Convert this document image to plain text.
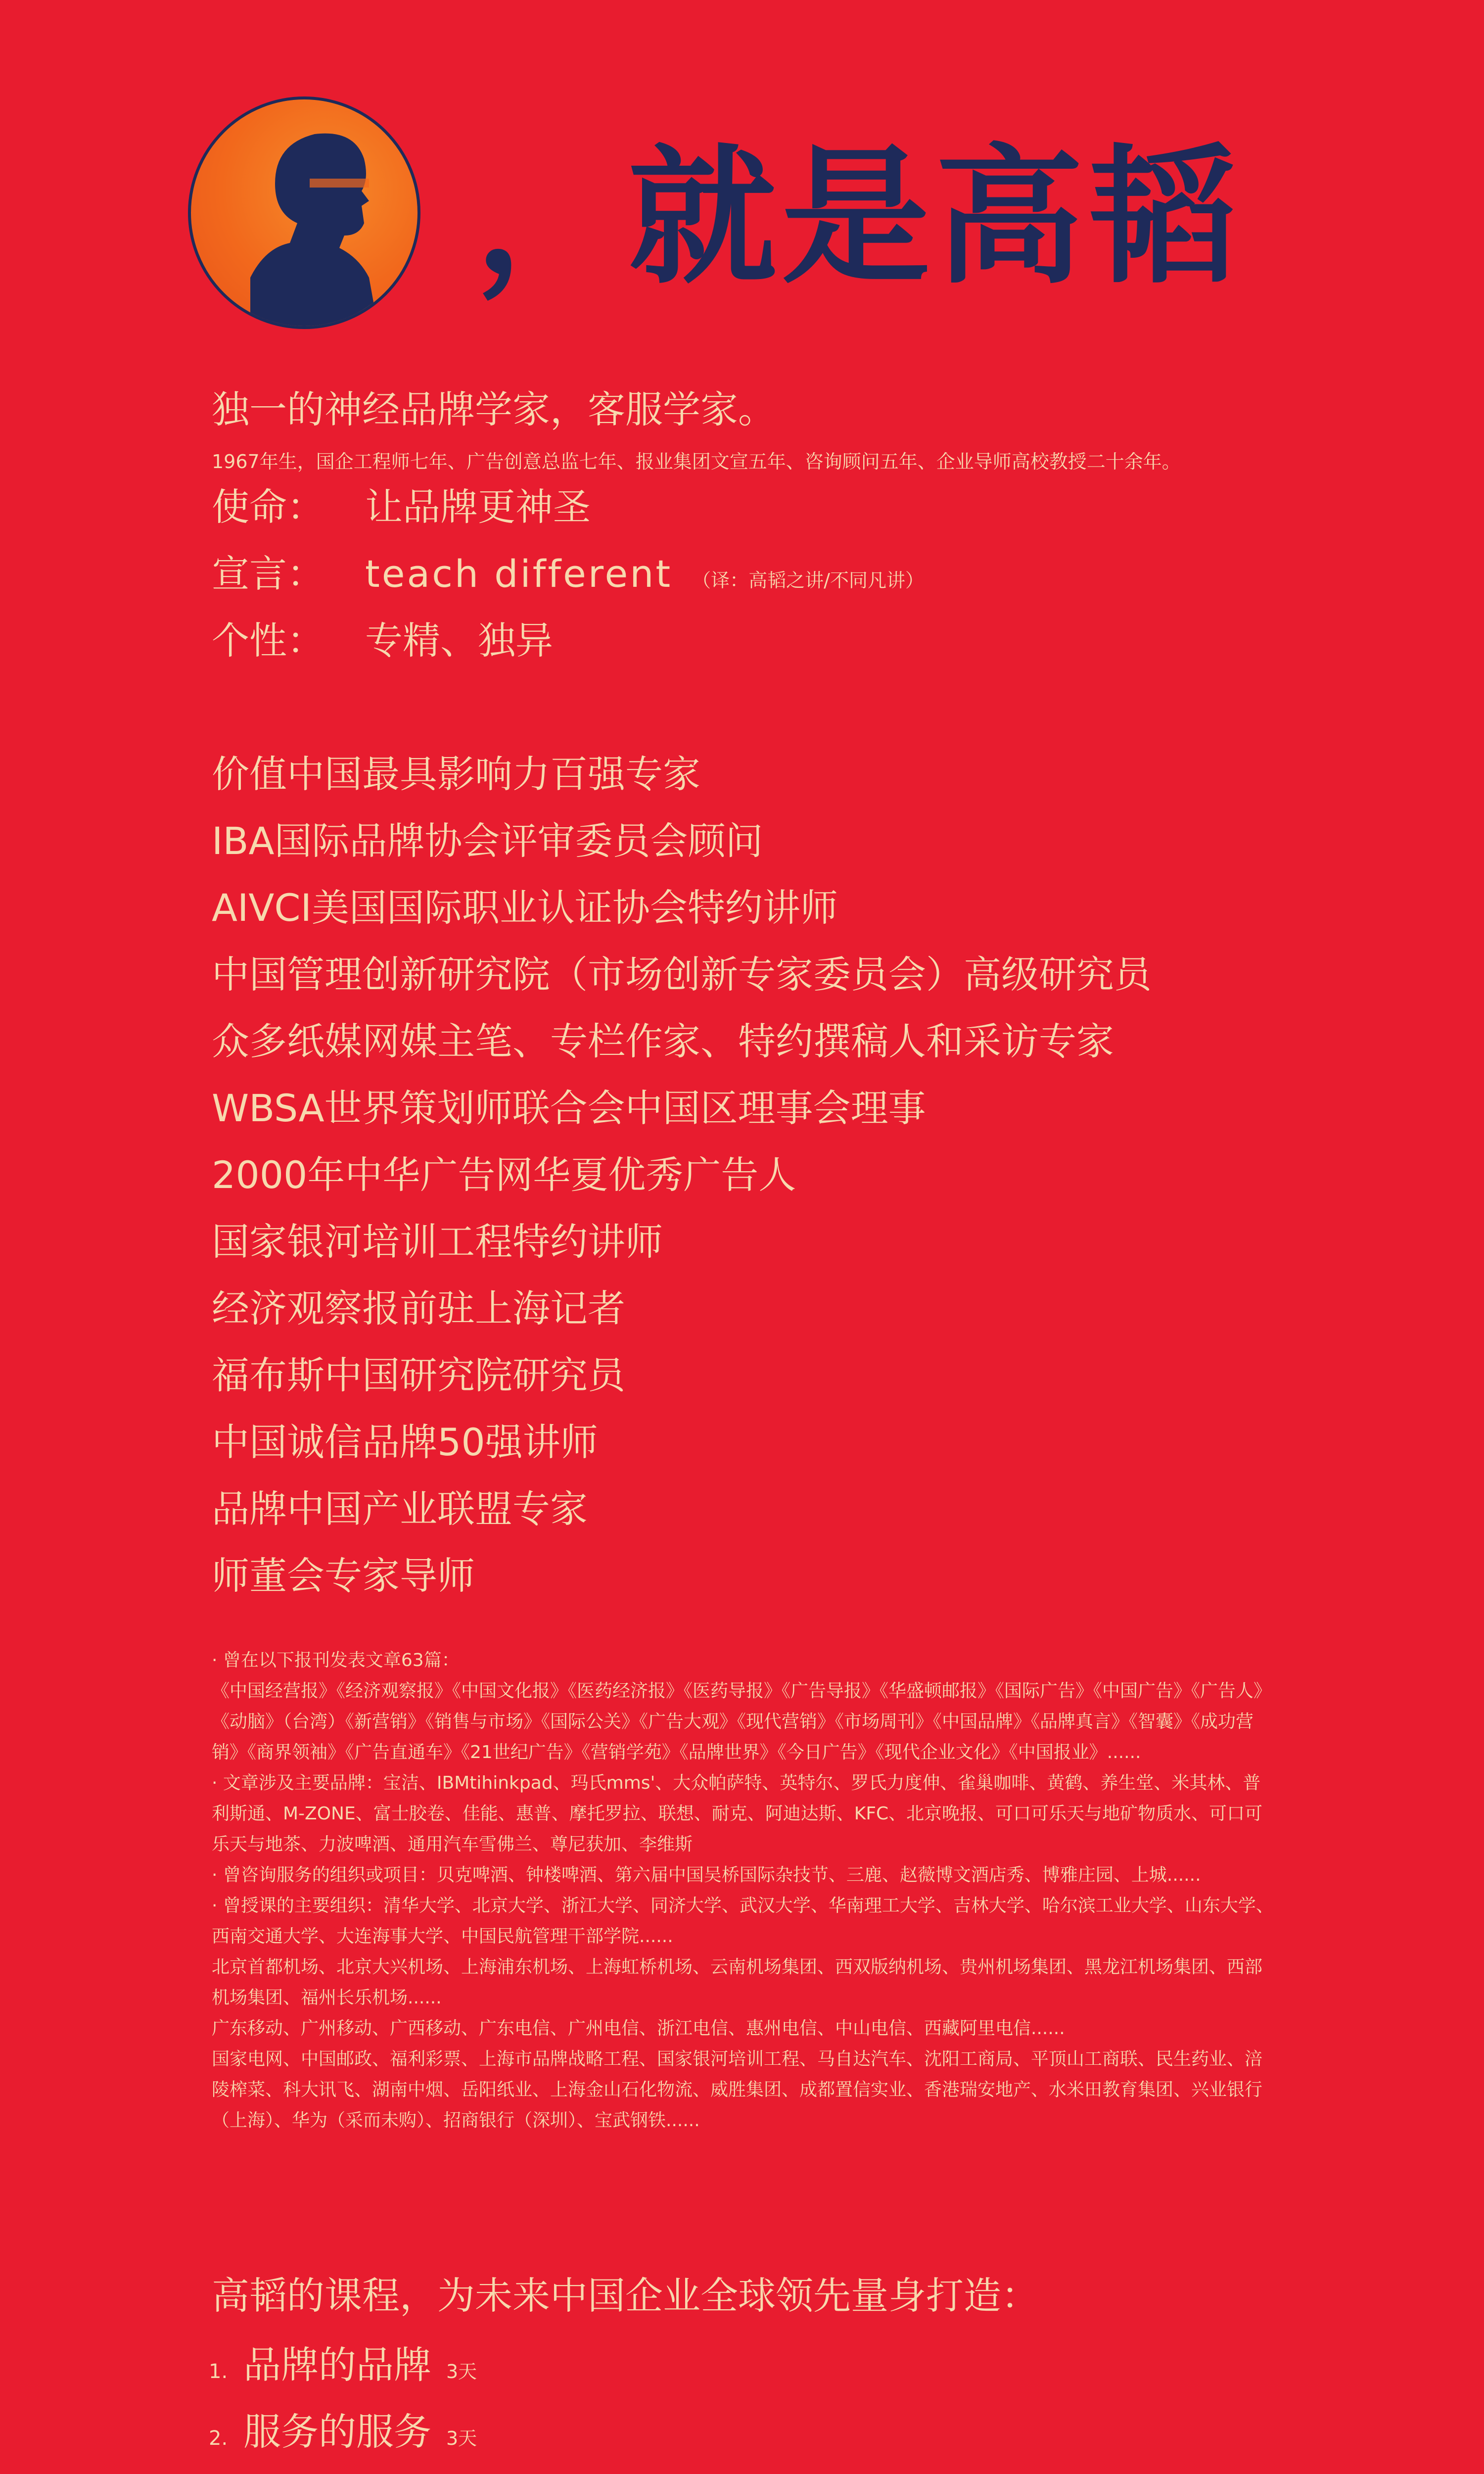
，就是高韬
独一的神经品牌学家，客服学家。
1967年生，国企工程师七年、广告创意总监七年、报业集团文宣五年、咨询顾问五年、企业导师高校教授二十余年。
使命： 让品牌更神圣
宣言： teach different （译：高韬之讲/不同凡讲）
个性： 专精、独异
价值中国最具影响力百强专家
IBA国际品牌协会评审委员会顾问
AIVCI美国国际职业认证协会特约讲师
中国管理创新研究院（市场创新专家委员会）高级研究员
众多纸媒网媒主笔、专栏作家、特约撰稿人和采访专家
WBSA世界策划师联合会中国区理事会理事
2000年中华广告网华夏优秀广告人
国家银河培训工程特约讲师
经济观察报前驻上海记者
福布斯中国研究院研究员
中国诚信品牌50强讲师
品牌中国产业联盟专家
师董会专家导师

· 曾在以下报刊发表文章63篇：

《中国经营报》《经济观察报》《中国文化报》《医药经济报》《医药导报》《广告导报》《华盛顿邮报》《国际广告》《中国广告》《广告人》《动脑》（台湾）《新营销》《销售与市场》《国际公关》《广告大观》《现代营销》《市场周刊》《中国品牌》《品牌真言》《智囊》《成功营销》《商界领袖》《广告直通车》《21世纪广告》《营销学苑》《品牌世界》《今日广告》《现代企业文化》《中国报业》......

· 文章涉及主要品牌：宝洁、IBMtihinkpad、玛氏mms'、大众帕萨特、英特尔、罗氏力度伸、雀巢咖啡、黄鹤、养生堂、米其林、普利斯通、M-ZONE、富士胶卷、佳能、惠普、摩托罗拉、联想、耐克、阿迪达斯、KFC、北京晚报、可口可乐天与地矿物质水、可口可乐天与地茶、力波啤酒、通用汽车雪佛兰、尊尼获加、李维斯

· 曾咨询服务的组织或项目：贝克啤酒、钟楼啤酒、第六届中国吴桥国际杂技节、三鹿、赵薇博文酒店秀、博雅庄园、上城......

· 曾授课的主要组织：清华大学、北京大学、浙江大学、同济大学、武汉大学、华南理工大学、吉林大学、哈尔滨工业大学、山东大学、西南交通大学、大连海事大学、中国民航管理干部学院......

北京首都机场、北京大兴机场、上海浦东机场、上海虹桥机场、云南机场集团、西双版纳机场、贵州机场集团、黑龙江机场集团、西部机场集团、福州长乐机场......

广东移动、广州移动、广西移动、广东电信、广州电信、浙江电信、惠州电信、中山电信、西藏阿里电信......

国家电网、中国邮政、福利彩票、上海市品牌战略工程、国家银河培训工程、马自达汽车、沈阳工商局、平顶山工商联、民生药业、涪陵榨菜、科大讯飞、湖南中烟、岳阳纸业、上海金山石化物流、威胜集团、成都置信实业、香港瑞安地产、水米田教育集团、兴业银行（上海）、华为（采而未购）、招商银行（深圳）、宝武钢铁......

高韬的课程，为未来中国企业全球领先量身打造：
1. 品牌的品牌 3天
2. 服务的服务 3天
